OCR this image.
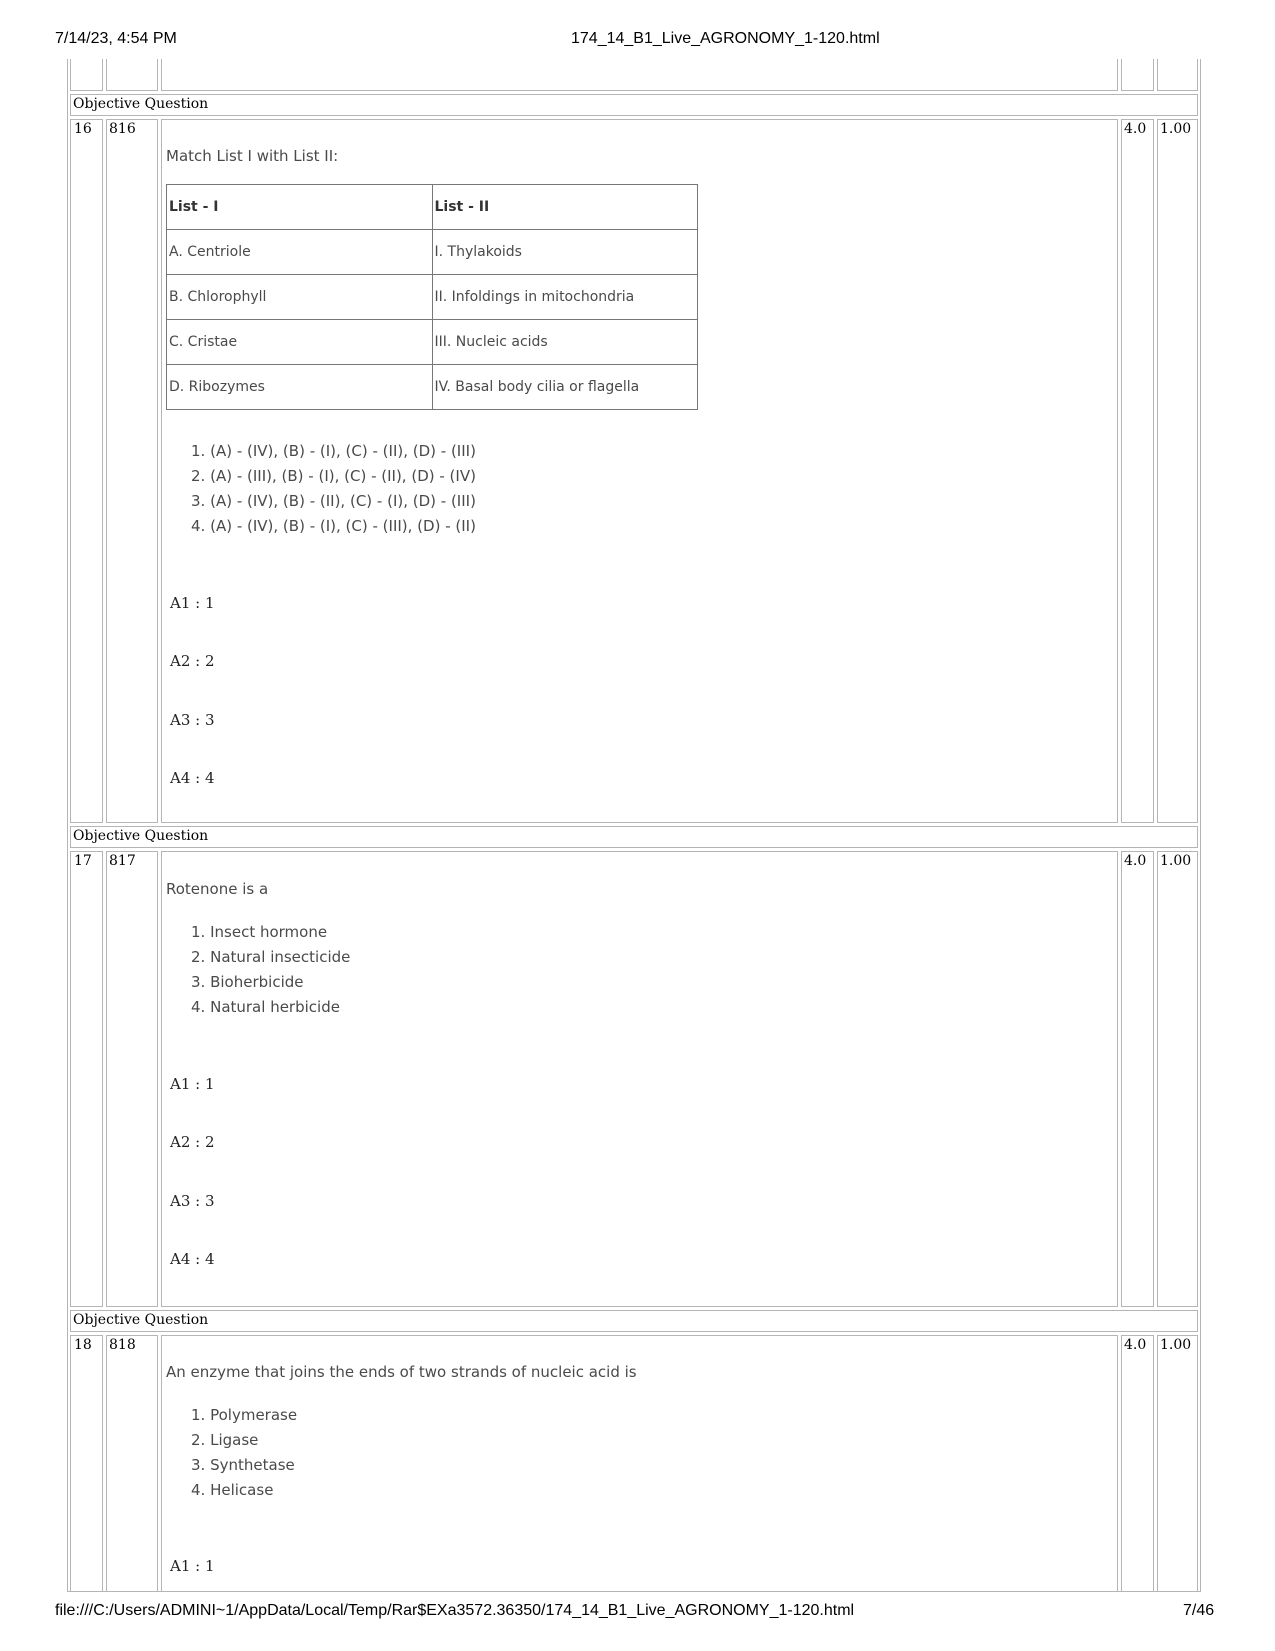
7/14/23, 4:54 PM	174_14_B1_Live_AGRONOMY_1-120.html
Objective Question
16 816	4.0 1.00
Match List I with List II:
List - I	List - II
A. Centriole	I. Thylakoids
B. Chlorophyll	II. Infoldings in mitochondria
C. Cristae	III. Nucleic acids
D. Ribozymes	IV. Basal body cilia or flagella
1. (A) - (IV), (B) - (I), (C) - (II), (D) - (III)
2. (A) - (III), (B) - (I), (C) - (II), (D) - (IV)
3. (A) - (IV), (B) - (II), (C) - (I), (D) - (III)
4. (A) - (IV), (B) - (I), (C) - (III), (D) - (II)
A1 : 1
A2 : 2
A3 : 3
A4 : 4
Objective Question
17 817	4.0 1.00
Rotenone is a
1. Insect hormone
2. Natural insecticide
3. Bioherbicide
4. Natural herbicide
A1 : 1
A2 : 2
A3 : 3
A4 : 4
Objective Question
18 818	4.0 1.00
An enzyme that joins the ends of two strands of nucleic acid is
1. Polymerase
2. Ligase
3. Synthetase
4. Helicase
A1 : 1
file:///C:/Users/ADMINI~1/AppData/Local/Temp/Rar$EXa3572.36350/174_14_B1_Live_AGRONOMY_1-120.html	7/46
